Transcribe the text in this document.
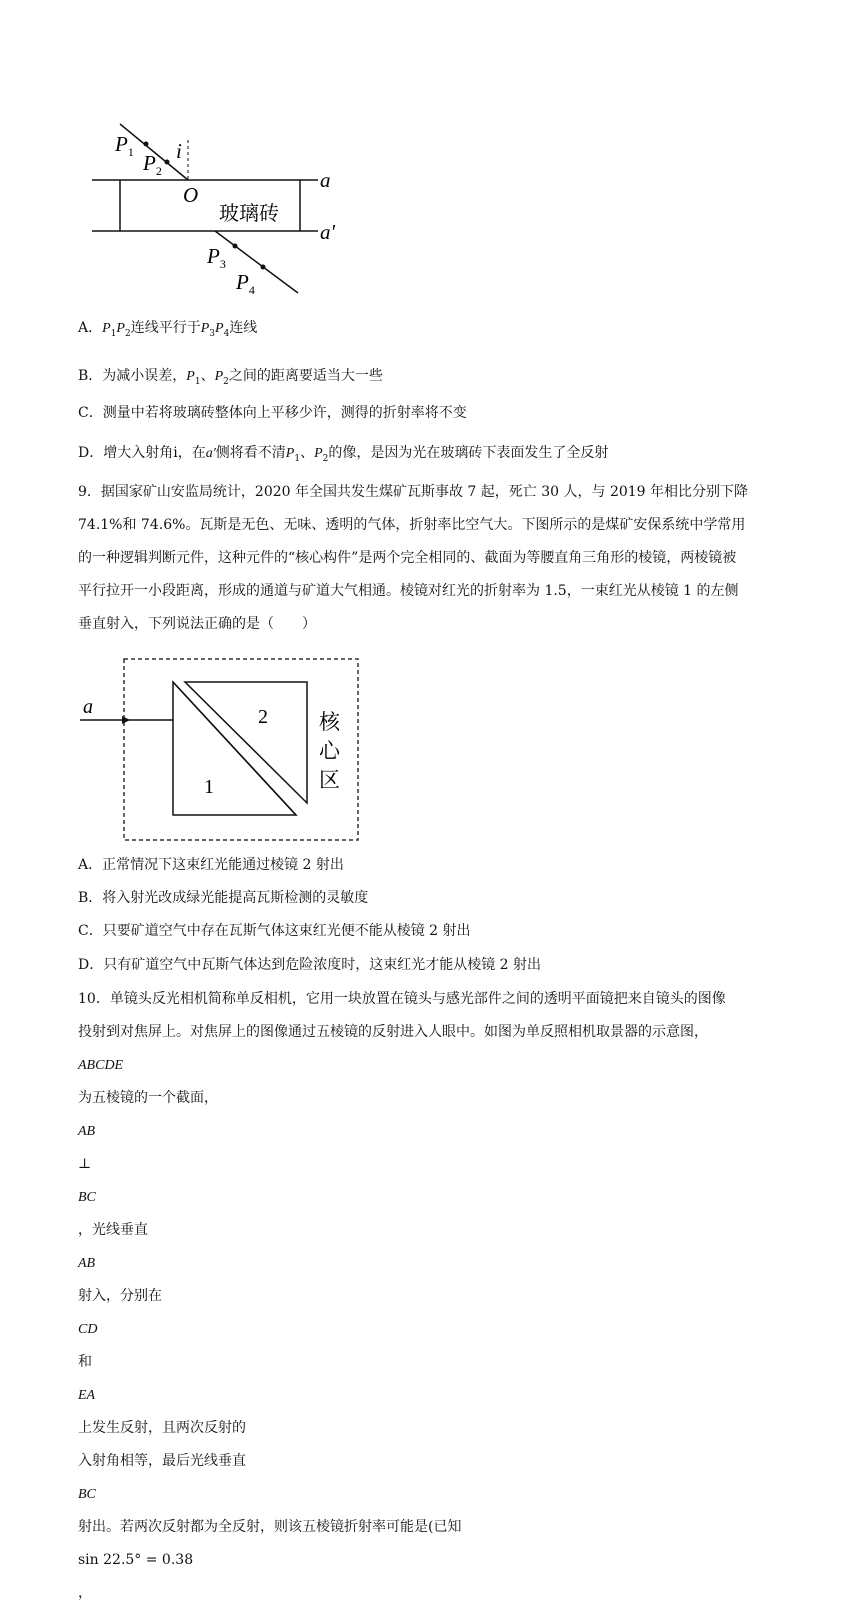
$P_1$ $P_2$
i
O
a
a′
玻璃砖
$P_3$
$P_4$
A．$P_1P_2$连线平行于$P_3P_4$连线
B．为减小误差，$P_1$、$P_2$之间的距离要适当大一些
C．测量中若将玻璃砖整体向上平移少许，测得的折射率将不变
D．增大入射角i，在a′侧将看不清$P_1$、$P_2$的像，是因为光在玻璃砖下表面发生了全反射
9．据国家矿山安监局统计，2020 年全国共发生煤矿瓦斯事故 7 起，死亡 30 人，与 2019 年相比分别下降
74.1%和 74.6%。瓦斯是无色、无味、透明的气体，折射率比空气大。下图所示的是煤矿安保系统中学常用
的一种逻辑判断元件，这种元件的“核心构件”是两个完全相同的、截面为等腰直角三角形的棱镜，两棱镜被
平行拉开一小段距离，形成的通道与矿道大气相通。棱镜对红光的折射率为 1.5，一束红光从棱镜 1 的左侧
垂直射入，下列说法正确的是（　　）
a	2
1
核
心
区
A．正常情况下这束红光能通过棱镜 2 射出
B．将入射光改成绿光能提高瓦斯检测的灵敏度
C．只要矿道空气中存在瓦斯气体这束红光便不能从棱镜 2 射出
D．只有矿道空气中瓦斯气体达到危险浓度时，这束红光才能从棱镜 2 射出
10．单镜头反光相机简称单反相机，它用一块放置在镜头与感光部件之间的透明平面镜把来自镜头的图像
投射到对焦屏上。对焦屏上的图像通过五棱镜的反射进入人眼中。如图为单反照相机取景器的示意图，
ABCDE
为五棱镜的一个截面，
AB
⊥
BC
，光线垂直
AB
射入，分别在
CD
和
EA
上发生反射，且两次反射的
入射角相等，最后光线垂直
BC
射出。若两次反射都为全反射，则该五棱镜折射率可能是(已知
sin 22.5° = 0.38
，
